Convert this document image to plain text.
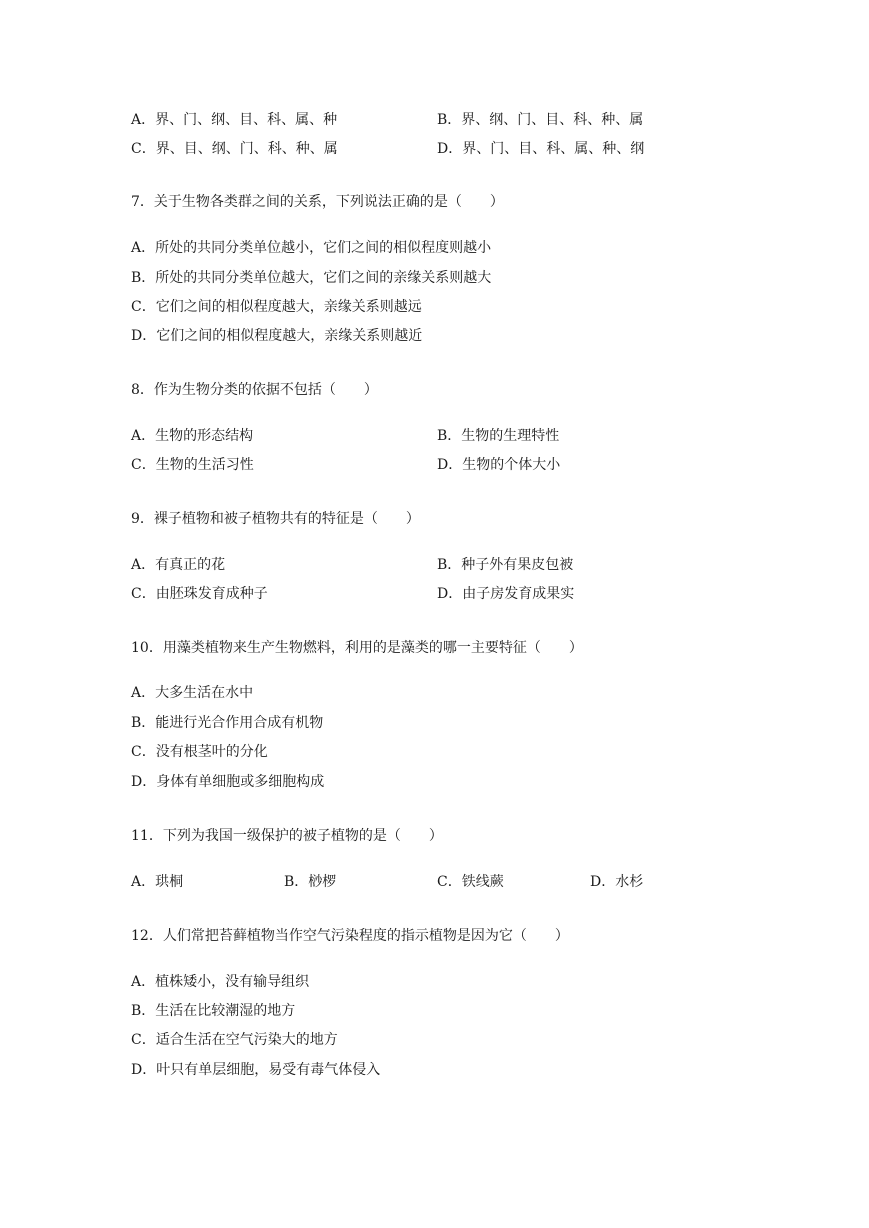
A．界、门、纲、目、科、属、种	B．界、纲、门、目、科、种、属
C．界、目、纲、门、科、种、属	D．界、门、目、科、属、种、纲
7．关于生物各类群之间的关系，下列说法正确的是（　　）
A．所处的共同分类单位越小，它们之间的相似程度则越小
B．所处的共同分类单位越大，它们之间的亲缘关系则越大
C．它们之间的相似程度越大，亲缘关系则越远
D．它们之间的相似程度越大，亲缘关系则越近
8．作为生物分类的依据不包括（　　）
A．生物的形态结构	B．生物的生理特性
C．生物的生活习性	D．生物的个体大小
9．裸子植物和被子植物共有的特征是（　　）
A．有真正的花	B．种子外有果皮包被
C．由胚珠发育成种子	D．由子房发育成果实
10．用藻类植物来生产生物燃料，利用的是藻类的哪一主要特征（　　）
A．大多生活在水中
B．能进行光合作用合成有机物
C．没有根茎叶的分化
D．身体有单细胞或多细胞构成
11．下列为我国一级保护的被子植物的是（　　）
A．珙桐	B．桫椤	C．铁线蕨	D．水杉
12．人们常把苔藓植物当作空气污染程度的指示植物是因为它（　　）
A．植株矮小，没有输导组织
B．生活在比较潮湿的地方
C．适合生活在空气污染大的地方
D．叶只有单层细胞，易受有毒气体侵入
